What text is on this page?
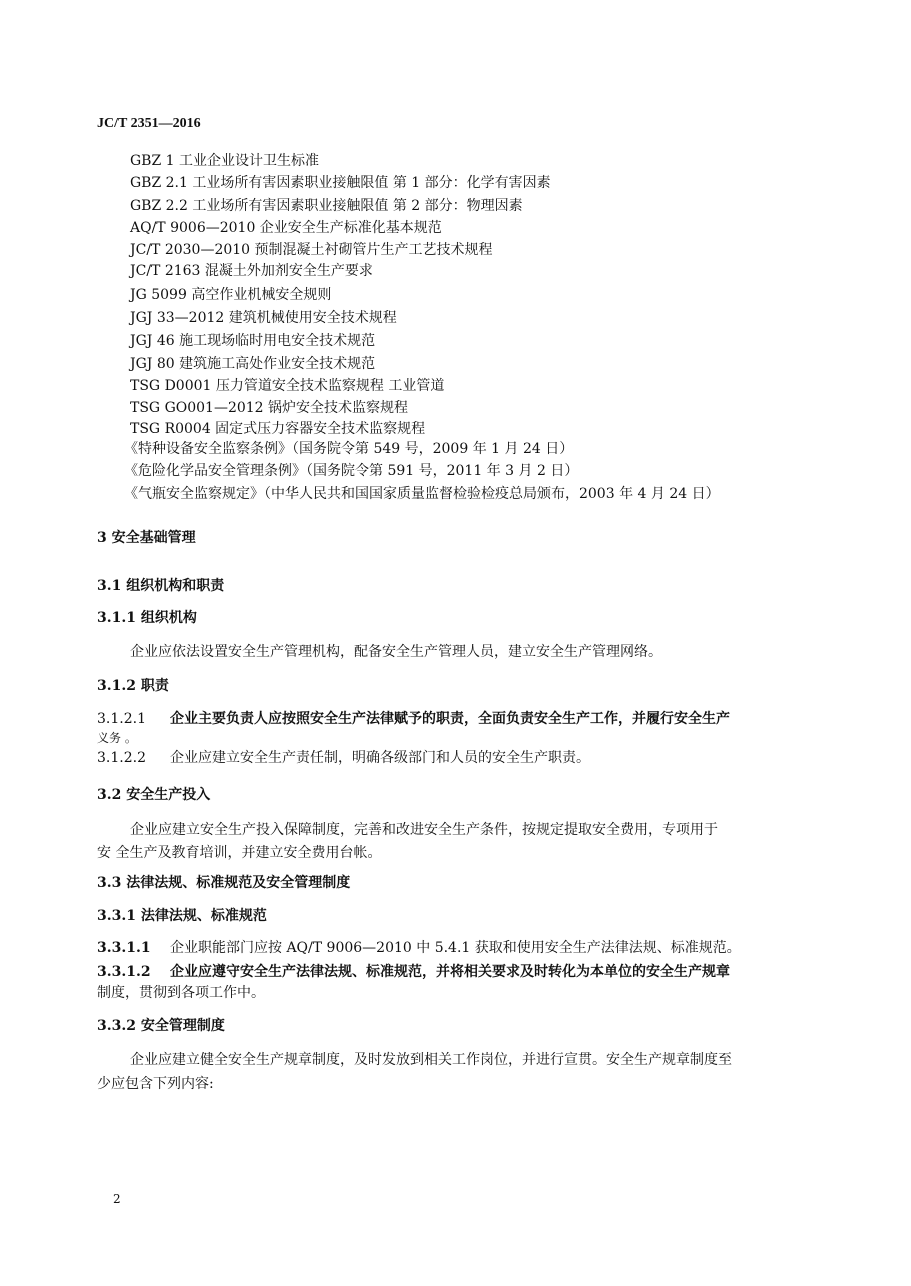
JC/T 2351—2016
GBZ 1 工业企业设计卫生标准
GBZ 2.1 工业场所有害因素职业接触限值 第 1 部分：化学有害因素
GBZ 2.2 工业场所有害因素职业接触限值 第 2 部分：物理因素
AQ/T 9006—2010 企业安全生产标准化基本规范
JC/T 2030—2010 预制混凝土衬砌管片生产工艺技术规程
JC/T 2163 混凝土外加剂安全生产要求
JG 5099 高空作业机械安全规则
JGJ 33—2012 建筑机械使用安全技术规程
JGJ 46 施工现场临时用电安全技术规范
JGJ 80 建筑施工高处作业安全技术规范
TSG D0001 压力管道安全技术监察规程 工业管道
TSG GO001—2012 锅炉安全技术监察规程
TSG R0004 固定式压力容器安全技术监察规程
《特种设备安全监察条例》（国务院令第 549 号，2009 年 1 月 24 日）
《危险化学品安全管理条例》（国务院令第 591 号，2011 年 3 月 2 日）
《气瓶安全监察规定》（中华人民共和国国家质量监督检验检疫总局颁布，2003 年 4 月 24 日）
3 安全基础管理
3.1 组织机构和职责
3.1.1 组织机构
企业应依法设置安全生产管理机构，配备安全生产管理人员，建立安全生产管理网络。
3.1.2 职责
3.1.2.1 企业主要负责人应按照安全生产法律赋予的职责，全面负责安全生产工作，并履行安全生产
义务 。
3.1.2.2 企业应建立安全生产责任制，明确各级部门和人员的安全生产职责。
3.2 安全生产投入
企业应建立安全生产投入保障制度，完善和改进安全生产条件，按规定提取安全费用，专项用于
安 全生产及教育培训，并建立安全费用台帐。
3.3 法律法规、标准规范及安全管理制度
3.3.1 法律法规、标准规范
3.3.1.1 企业职能部门应按 AQ/T 9006—2010 中 5.4.1 获取和使用安全生产法律法规、标准规范。
3.3.1.2 企业应遵守安全生产法律法规、标准规范，并将相关要求及时转化为本单位的安全生产规章
制度，贯彻到各项工作中。
3.3.2 安全管理制度
企业应建立健全安全生产规章制度，及时发放到相关工作岗位，并进行宣贯。安全生产规章制度至
少应包含下列内容:
2
